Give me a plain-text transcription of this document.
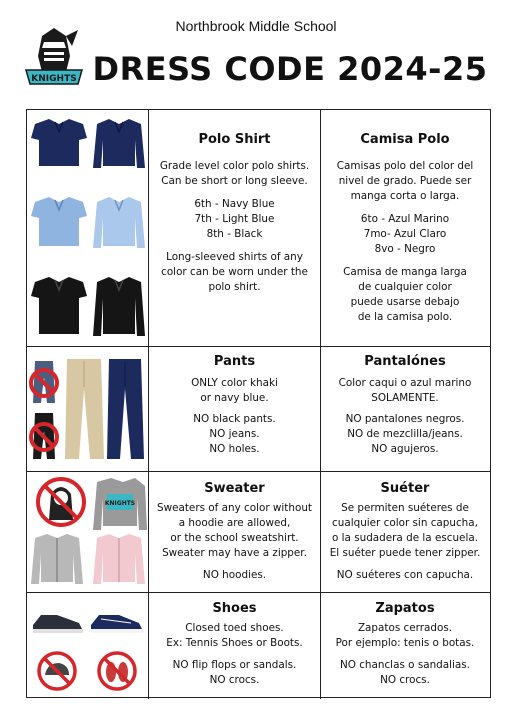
Northbrook Middle School
KNIGHTS DRESS CODE 2024-25
Polo Shirt

Grade level color polo shirts.

Can be short or long sleeve.

6th - Navy Blue

7th - Light Blue

8th - Black

Long-sleeved shirts of any

color can be worn under the

polo shirt.

Camisa Polo

Camisas polo del color del

nivel de grado. Puede ser

manga corta o larga.

6to - Azul Marino

7mo- Azul Claro

8vo - Negro

Camisa de manga larga

de cualquier color

puede usarse debajo

de la camisa polo.

Pants

ONLY color khaki

or navy blue.

NO black pants.

NO jeans.

NO holes.

Pantalónes

Color caqui o azul marino

SOLAMENTE.

NO pantalones negros.

NO de mezclilla/jeans.

NO agujeros.

KNIGHTS
Sweater

Sweaters of any color without

a hoodie are allowed,

or the school sweatshirt.

Sweater may have a zipper.

NO hoodies.

Suéter

Se permiten suéteres de

cualquier color sin capucha,

o la sudadera de la escuela.

El suéter puede tener zipper.

NO suéteres con capucha.

Shoes

Closed toed shoes.

Ex: Tennis Shoes or Boots.

NO flip flops or sandals.

NO crocs.

Zapatos

Zapatos cerrados.

Por ejemplo: tenis o botas.

NO chanclas o sandalias.

NO crocs.
